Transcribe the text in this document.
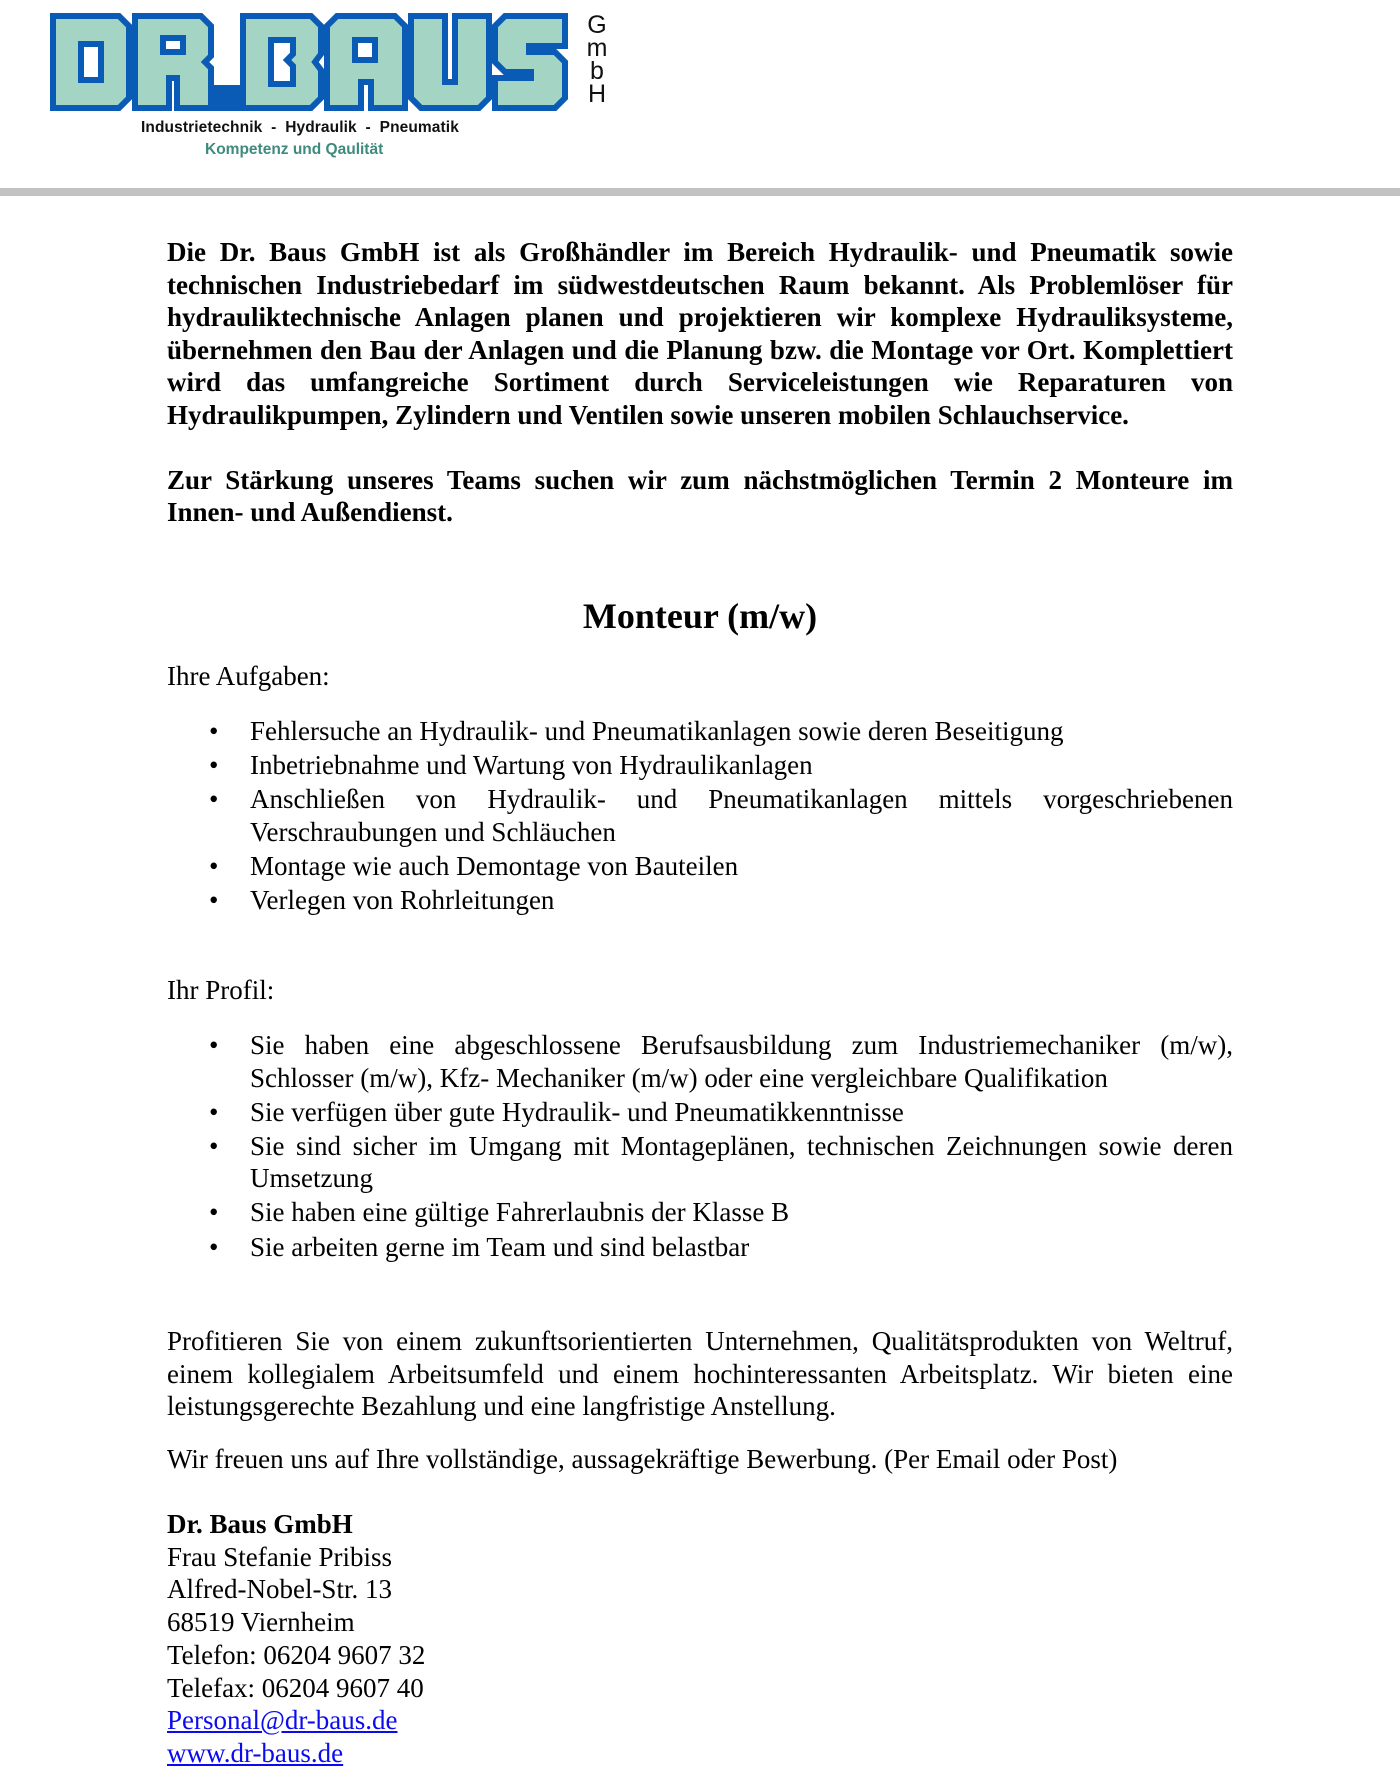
G
m
b
H
Industrietechnik  -  Hydraulik  -  Pneumatik
Kompetenz und Qaulität

Die Dr. Baus GmbH ist als Großhändler im Bereich Hydraulik- und Pneumatik sowie technischen Industriebedarf im südwestdeutschen Raum bekannt. Als Problemlöser für hydrauliktechnische Anlagen planen und projektieren wir komplexe Hydrauliksysteme, übernehmen den Bau der Anlagen und die Planung bzw. die Montage vor Ort. Komplettiert wird das umfangreiche Sortiment durch Serviceleistungen wie Reparaturen von Hydraulikpumpen, Zylindern und Ventilen sowie unseren mobilen Schlauchservice.

Zur Stärkung unseres Teams suchen wir zum nächstmöglichen Termin 2 Monteure im Innen- und Außendienst.

Monteur (m/w)

Ihre Aufgaben:

• Fehlersuche an Hydraulik- und Pneumatikanlagen sowie deren Beseitigung
• Inbetriebnahme und Wartung von Hydraulikanlagen
• Anschließen von Hydraulik- und Pneumatikanlagen mittels vorgeschriebenen Verschraubungen und Schläuchen
• Montage wie auch Demontage von Bauteilen
• Verlegen von Rohrleitungen

Ihr Profil:

• Sie haben eine abgeschlossene Berufsausbildung zum Industriemechaniker (m/w), Schlosser (m/w), Kfz- Mechaniker (m/w) oder eine vergleichbare Qualifikation
• Sie verfügen über gute Hydraulik- und Pneumatikkenntnisse
• Sie sind sicher im Umgang mit Montageplänen, technischen Zeichnungen sowie deren Umsetzung
• Sie haben eine gültige Fahrerlaubnis der Klasse B
• Sie arbeiten gerne im Team und sind belastbar

Profitieren Sie von einem zukunftsorientierten Unternehmen, Qualitätsprodukten von Weltruf, einem kollegialem Arbeitsumfeld und einem hochinteressanten Arbeitsplatz. Wir bieten eine leistungsgerechte Bezahlung und eine langfristige Anstellung.

Wir freuen uns auf Ihre vollständige, aussagekräftige Bewerbung. (Per Email oder Post)

Dr. Baus GmbH
Frau Stefanie Pribiss
Alfred-Nobel-Str. 13
68519 Viernheim
Telefon: 06204 9607 32
Telefax: 06204 9607 40
Personal@dr-baus.de
www.dr-baus.de
